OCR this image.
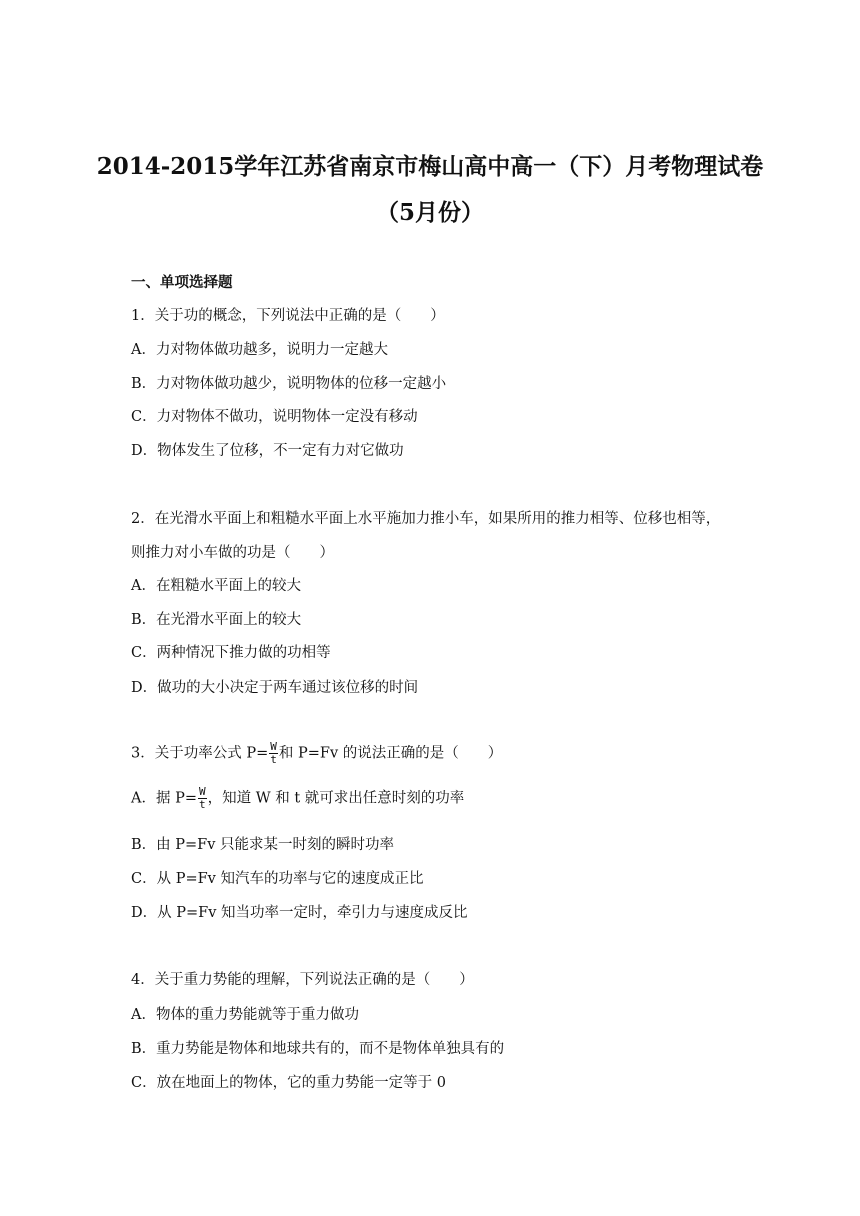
2014-2015学年江苏省南京市梅山高中高一（下）月考物理试卷
（5月份）
一、单项选择题
1．关于功的概念，下列说法中正确的是（　　）
A．力对物体做功越多，说明力一定越大
B．力对物体做功越少，说明物体的位移一定越小
C．力对物体不做功，说明物体一定没有移动
D．物体发生了位移，不一定有力对它做功
2．在光滑水平面上和粗糙水平面上水平施加力推小车，如果所用的推力相等、位移也相等，
则推力对小车做的功是（　　）
A．在粗糙水平面上的较大
B．在光滑水平面上的较大
C．两种情况下推力做的功相等
D．做功的大小决定于两车通过该位移的时间
3．关于功率公式 $P= \frac{W}{t}$ 和 P=Fv 的说法正确的是（　　）
A．据 $P= \frac{W}{t}$ ，知道 W 和 t 就可求出任意时刻的功率
B．由 P=Fv 只能求某一时刻的瞬时功率
C．从 P=Fv 知汽车的功率与它的速度成正比
D．从 P=Fv 知当功率一定时，牵引力与速度成反比
4．关于重力势能的理解，下列说法正确的是（　　）
A．物体的重力势能就等于重力做功
B．重力势能是物体和地球共有的，而不是物体单独具有的
C．放在地面上的物体，它的重力势能一定等于 0
